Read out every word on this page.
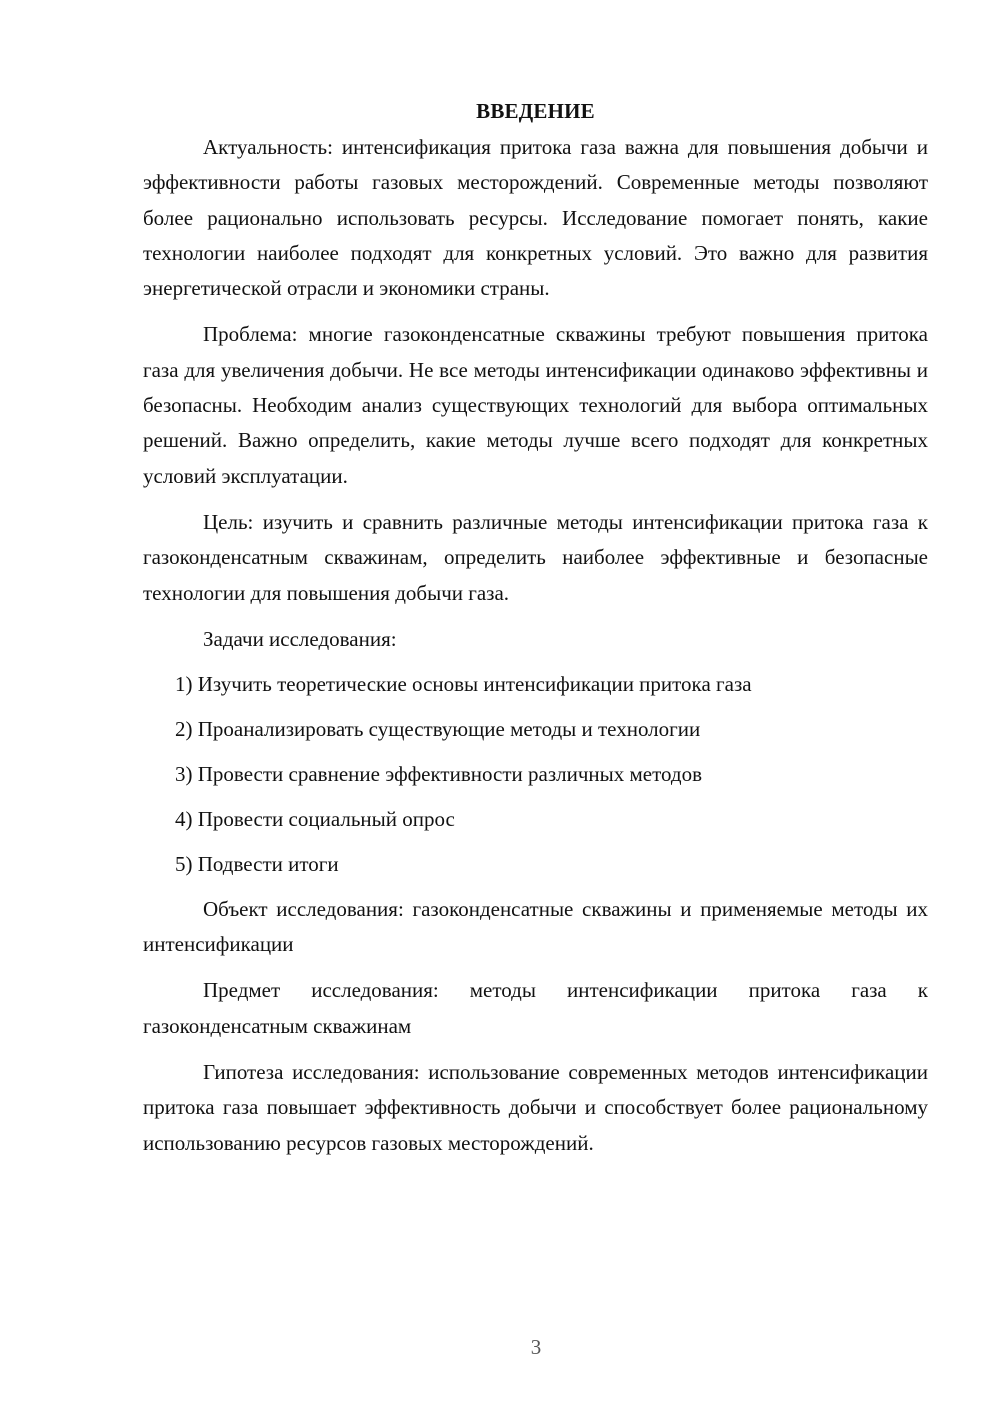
ВВЕДЕНИЕ

Актуальность: интенсификация притока газа важна для повышения добычи и эффективности работы газовых месторождений. Современные методы позволяют более рационально использовать ресурсы. Исследование помогает понять, какие технологии наиболее подходят для конкретных условий. Это важно для развития энергетической отрасли и экономики страны.

Проблема: многие газоконденсатные скважины требуют повышения притока газа для увеличения добычи. Не все методы интенсификации одинаково эффективны и безопасны. Необходим анализ существующих технологий для выбора оптимальных решений. Важно определить, какие методы лучше всего подходят для конкретных условий эксплуатации.

Цель: изучить и сравнить различные методы интенсификации притока газа к газоконденсатным скважинам, определить наиболее эффективные и безопасные технологии для повышения добычи газа.

Задачи исследования:

1) Изучить теоретические основы интенсификации притока газа
2) Проанализировать существующие методы и технологии
3) Провести сравнение эффективности различных методов
4) Провести социальный опрос
5) Подвести итоги

Объект исследования: газоконденсатные скважины и применяемые методы их интенсификации

Предмет исследования: методы интенсификации притока газа к газоконденсатным скважинам

Гипотеза исследования: использование современных методов интенсификации притока газа повышает эффективность добычи и способствует более рациональному использованию ресурсов газовых месторождений.

3
